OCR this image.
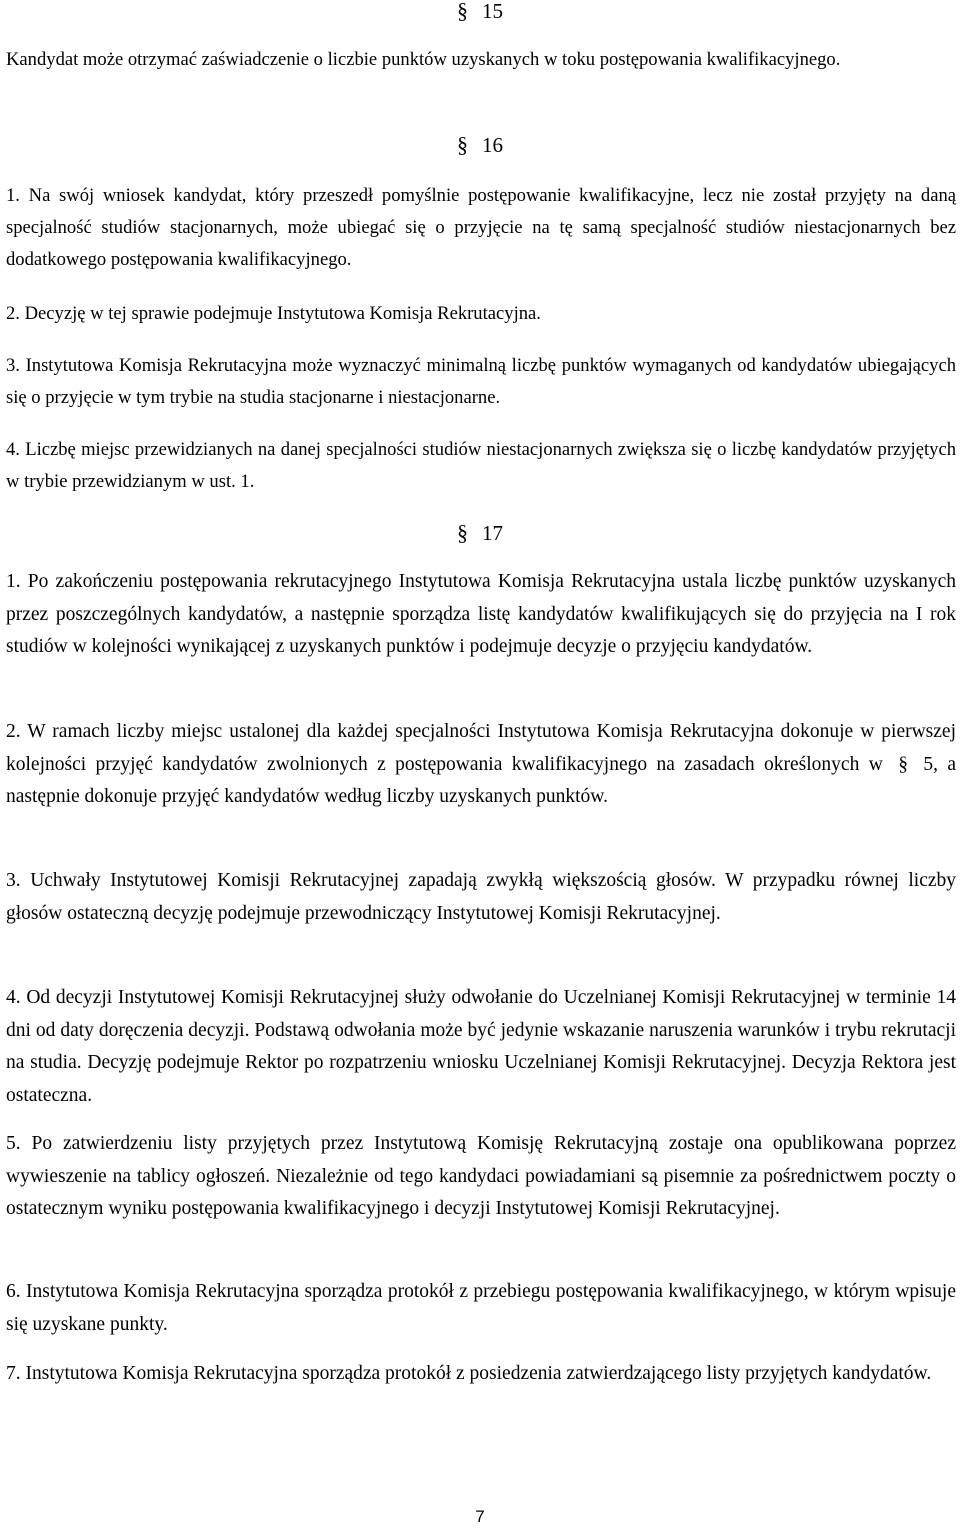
§ 15
Kandydat może otrzymać zaświadczenie o liczbie punktów uzyskanych w toku postępowania kwalifikacyjnego.
§ 16
1. Na swój wniosek kandydat, który przeszedł pomyślnie postępowanie kwalifikacyjne, lecz nie został przyjęty na daną specjalność studiów stacjonarnych, może ubiegać się o przyjęcie na tę samą specjalność studiów niestacjonarnych bez dodatkowego postępowania kwalifikacyjnego.
2. Decyzję w tej sprawie podejmuje Instytutowa Komisja Rekrutacyjna.
3. Instytutowa Komisja Rekrutacyjna może wyznaczyć minimalną liczbę punktów wymaganych od kandydatów ubiegających się o przyjęcie w tym trybie na studia stacjonarne i niestacjonarne.
4. Liczbę miejsc przewidzianych na danej specjalności studiów niestacjonarnych zwiększa się o liczbę kandydatów przyjętych w trybie przewidzianym w ust. 1.
§ 17
1. Po zakończeniu postępowania rekrutacyjnego Instytutowa Komisja Rekrutacyjna ustala liczbę punktów uzyskanych przez poszczególnych kandydatów, a następnie sporządza listę kandydatów kwalifikujących się do przyjęcia na I rok studiów w kolejności wynikającej z uzyskanych punktów i podejmuje decyzje o przyjęciu kandydatów.
2. W ramach liczby miejsc ustalonej dla każdej specjalności Instytutowa Komisja Rekrutacyjna dokonuje w pierwszej kolejności przyjęć kandydatów zwolnionych z postępowania kwalifikacyjnego na zasadach określonych w § 5, a następnie dokonuje przyjęć kandydatów według liczby uzyskanych punktów.
3. Uchwały Instytutowej Komisji Rekrutacyjnej zapadają zwykłą większością głosów. W przypadku równej liczby głosów ostateczną decyzję podejmuje przewodniczący Instytutowej Komisji Rekrutacyjnej.
4. Od decyzji Instytutowej Komisji Rekrutacyjnej służy odwołanie do Uczelnianej Komisji Rekrutacyjnej w terminie 14 dni od daty doręczenia decyzji. Podstawą odwołania może być jedynie wskazanie naruszenia warunków i trybu rekrutacji na studia. Decyzję podejmuje Rektor po rozpatrzeniu wniosku Uczelnianej Komisji Rekrutacyjnej. Decyzja Rektora jest ostateczna.
5. Po zatwierdzeniu listy przyjętych przez Instytutową Komisję Rekrutacyjną zostaje ona opublikowana poprzez wywieszenie na tablicy ogłoszeń. Niezależnie od tego kandydaci powiadamiani są pisemnie za pośrednictwem poczty o ostatecznym wyniku postępowania kwalifikacyjnego i decyzji Instytutowej Komisji Rekrutacyjnej.
6. Instytutowa Komisja Rekrutacyjna sporządza protokół z przebiegu postępowania kwalifikacyjnego, w którym wpisuje się uzyskane punkty.
7. Instytutowa Komisja Rekrutacyjna sporządza protokół z posiedzenia zatwierdzającego listy przyjętych kandydatów.
7
